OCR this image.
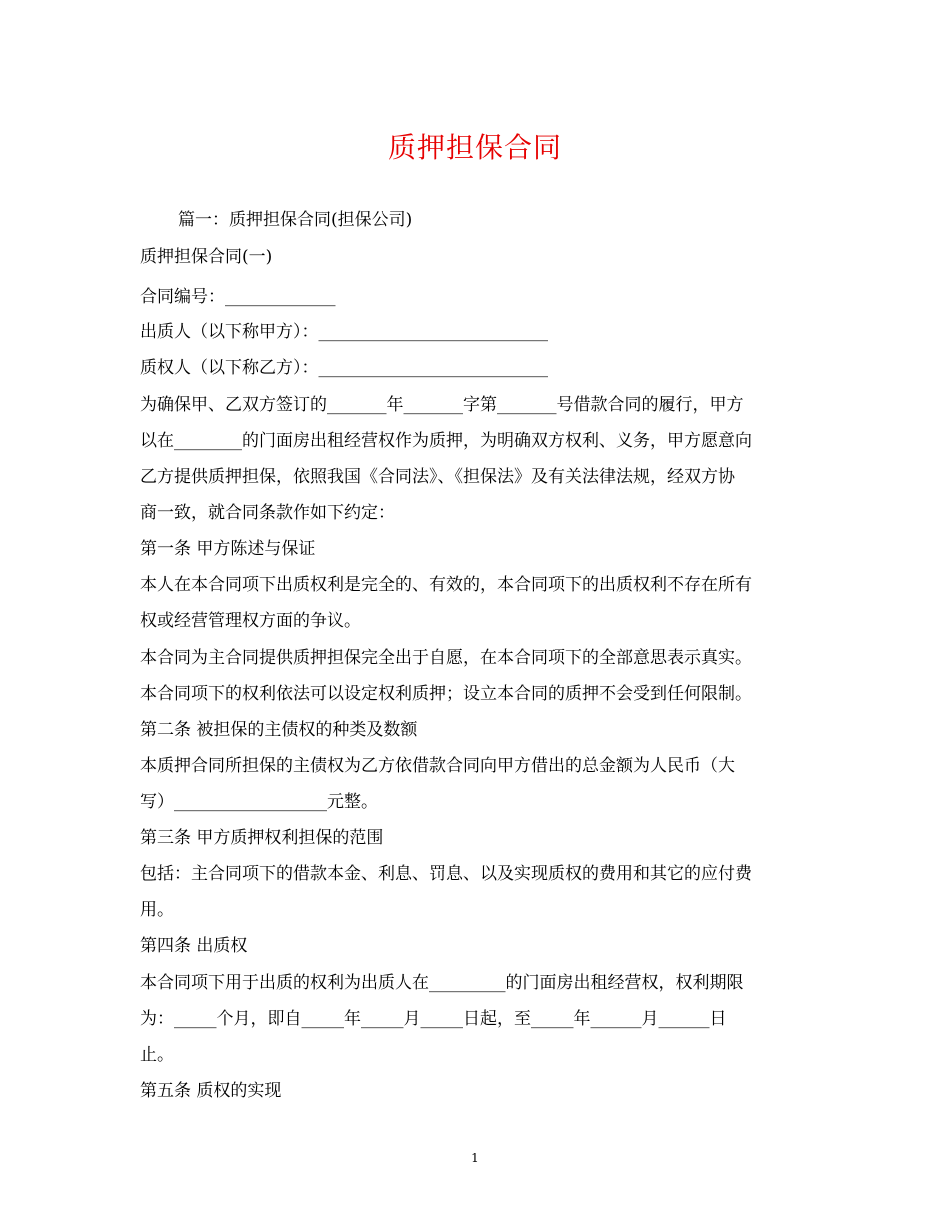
质押担保合同
篇一：质押担保合同(担保公司)
质押担保合同(一)
合同编号：_____________
出质人（以下称甲方）：___________________________
质权人（以下称乙方）：___________________________
为确保甲、乙双方签订的_______年_______字第_______号借款合同的履行，甲方
以在________的门面房出租经营权作为质押，为明确双方权利、义务，甲方愿意向
乙方提供质押担保，依照我国《合同法》、《担保法》及有关法律法规，经双方协
商一致，就合同条款作如下约定：
第一条 甲方陈述与保证
本人在本合同项下出质权利是完全的、有效的，本合同项下的出质权利不存在所有
权或经营管理权方面的争议。
本合同为主合同提供质押担保完全出于自愿，在本合同项下的全部意思表示真实。
本合同项下的权利依法可以设定权利质押；设立本合同的质押不会受到任何限制。
第二条 被担保的主债权的种类及数额
本质押合同所担保的主债权为乙方依借款合同向甲方借出的总金额为人民币（大
写）__________________元整。
第三条 甲方质押权利担保的范围
包括：主合同项下的借款本金、利息、罚息、以及实现质权的费用和其它的应付费
用。
第四条 出质权
本合同项下用于出质的权利为出质人在_________的门面房出租经营权，权利期限
为：_____个月，即自_____年_____月_____日起，至_____年______月______日
止。
第五条 质权的实现
1
